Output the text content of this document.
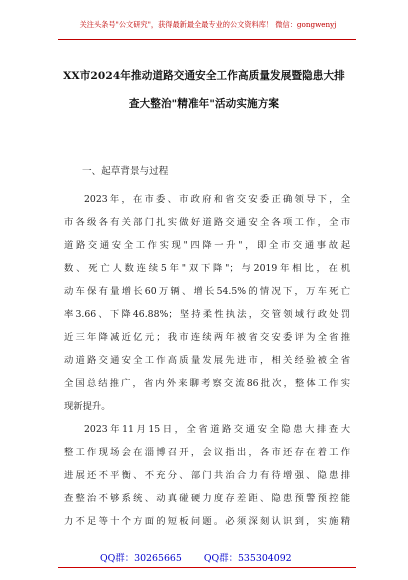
关注头条号"公文研究"，获得最新最全最专业的公文资料库！ 微信：gongwenyj
XX市2024年推动道路交通安全工作高质量发展暨隐患大排
查大整治"精准年"活动实施方案
一、起草背景与过程
2023年，在市委、市政府和省交安委正确领导下，全
市各级各有关部门扎实做好道路交通安全各项工作，全市
道路交通安全工作实现"四降一升"，即全市交通事故起
数、死亡人数连续5年"双下降"；与2019年相比，在机
动车保有量增长60万辆、增长54.5%的情况下，万车死亡
率3.66、下降46.88%；坚持柔性执法，交管领域行政处罚
近三年降减近亿元；我市连续两年被省交安委评为全省推
动道路交通安全工作高质量发展先进市，相关经验被全省
全国总结推广，省内外来聊考察交流86批次，整体工作实
现新提升。
2023年11月15日，全省道路交通安全隐患大排查大
整工作现场会在淄博召开，会议指出，各市还存在着工作
进展还不平衡、不充分、部门共治合力有待增强、隐患排
查整治不够系统、动真碰硬力度存差距、隐患预警预控能
力不足等十个方面的短板问题。必须深刻认识到，实施精
QQ群：30265665 QQ群：535304092
